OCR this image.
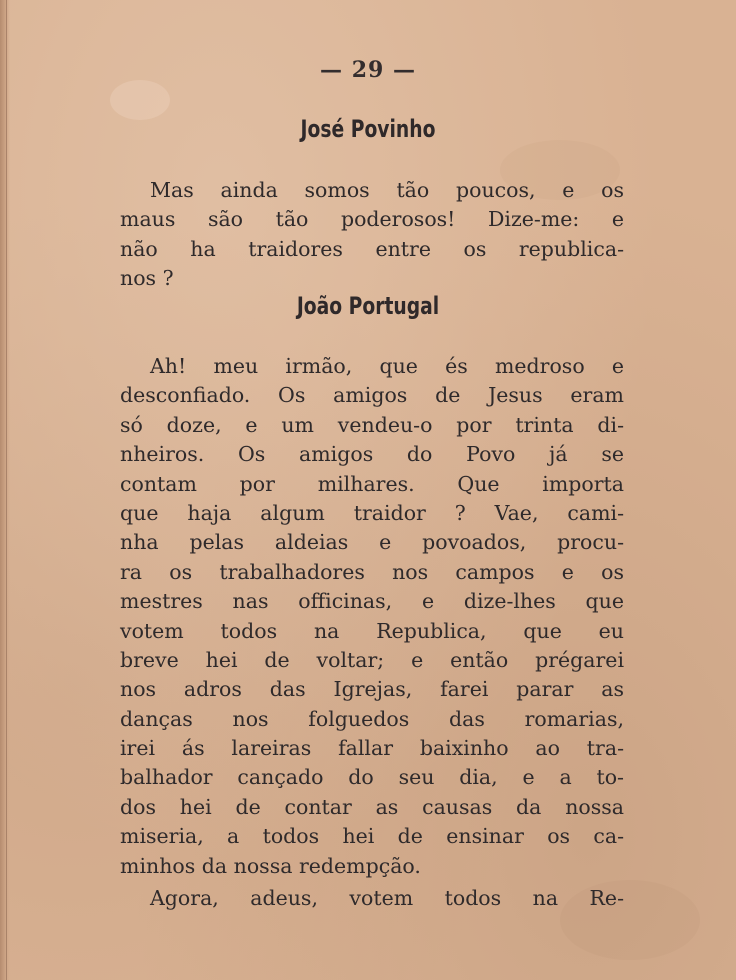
— 29 —
José Povinho

Mas ainda somos tão poucos, e os
maus são tão poderosos! Dize-me: e
não ha traidores entre os republica-
nos ?

João Portugal

Ah! meu irmão, que és medroso e
desconfiado. Os amigos de Jesus eram
só doze, e um vendeu-o por trinta di-
nheiros. Os amigos do Povo já se
contam por milhares. Que importa
que haja algum traidor ? Vae, cami-
nha pelas aldeias e povoados, procu-
ra os trabalhadores nos campos e os
mestres nas officinas, e dize-lhes que
votem todos na Republica, que eu
breve hei de voltar; e então prégarei
nos adros das Igrejas, farei parar as
danças nos folguedos das romarias,
irei ás lareiras fallar baixinho ao tra-
balhador cançado do seu dia, e a to-
dos hei de contar as causas da nossa
miseria, a todos hei de ensinar os ca-
minhos da nossa redempção.

Agora, adeus, votem todos na Re-
